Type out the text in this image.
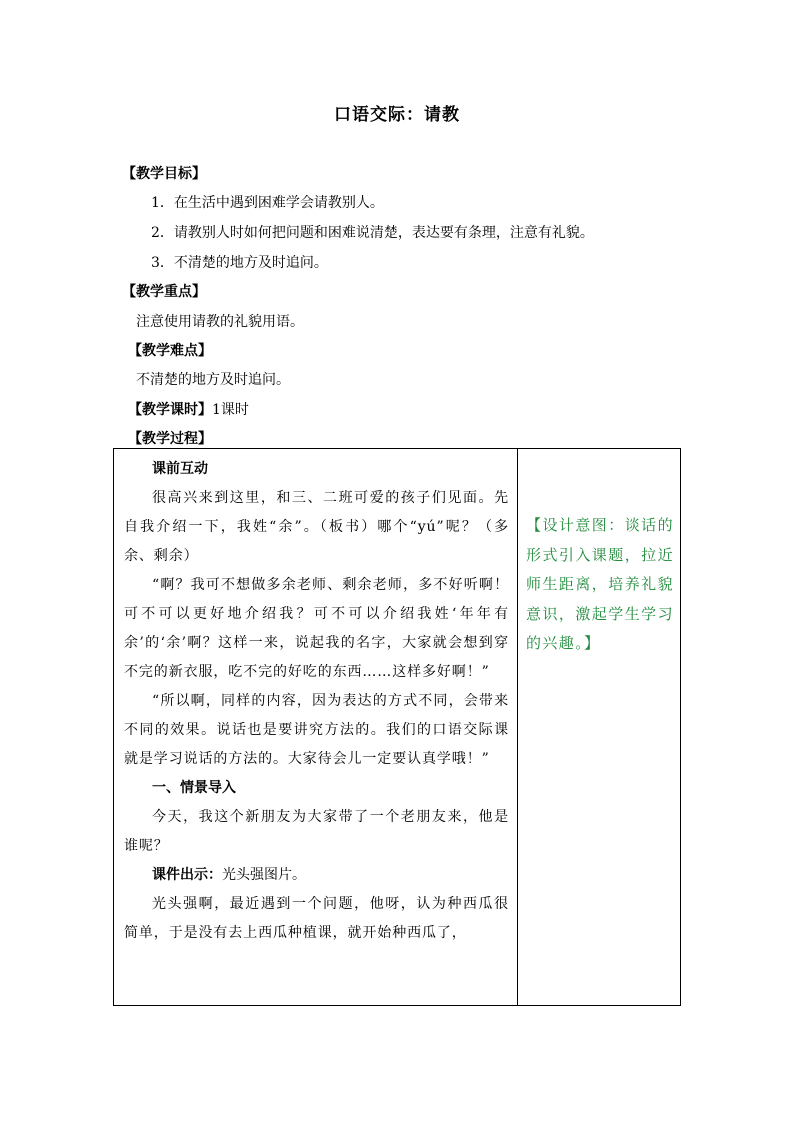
口语交际：请教
【教学目标】
1．在生活中遇到困难学会请教别人。
2．请教别人时如何把问题和困难说清楚，表达要有条理，注意有礼貌。
3．不清楚的地方及时追问。
【教学重点】
注意使用请教的礼貌用语。
【教学难点】
不清楚的地方及时追问。
【教学课时】1课时
【教学过程】

课前互动

很高兴来到这里，和三、二班可爱的孩子们见面。先自我介绍一下，我姓“余”。（板书）哪个“yú”呢？（多余、剩余）

“啊？我可不想做多余老师、剩余老师，多不好听啊！可不可以更好地介绍我？可不可以介绍我姓‘年年有余’的‘余’啊？这样一来，说起我的名字，大家就会想到穿不完的新衣服，吃不完的好吃的东西……这样多好啊！”

“所以啊，同样的内容，因为表达的方式不同，会带来不同的效果。说话也是要讲究方法的。我们的口语交际课就是学习说话的方法的。大家待会儿一定要认真学哦！”

一、情景导入

今天，我这个新朋友为大家带了一个老朋友来，他是谁呢？

课件出示：光头强图片。

光头强啊，最近遇到一个问题，他呀，认为种西瓜很简单，于是没有去上西瓜种植课，就开始种西瓜了，

【设计意图：谈话的形式引入课题，拉近师生距离，培养礼貌意识，激起学生学习的兴趣。】
